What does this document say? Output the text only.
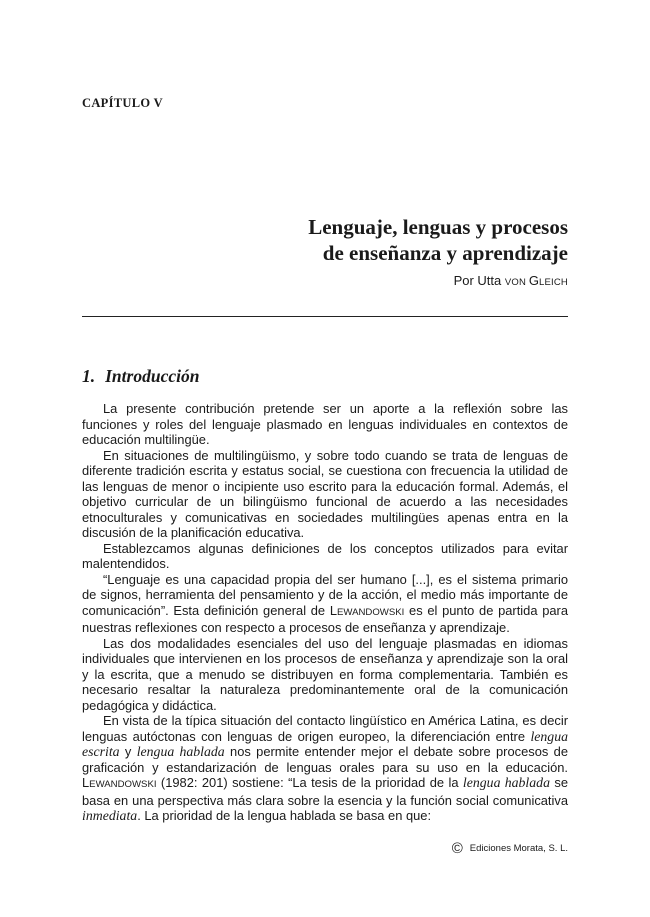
CAPÍTULO V
Lenguaje, lenguas y procesos
de enseñanza y aprendizaje
Por Utta VON GLEICH
1. Introducción

La presente contribución pretende ser un aporte a la reflexión sobre las funciones y roles del lenguaje plasmado en lenguas individuales en contextos de educación multilingüe.

En situaciones de multilingüismo, y sobre todo cuando se trata de lenguas de diferente tradición escrita y estatus social, se cuestiona con frecuencia la utilidad de las lenguas de menor o incipiente uso escrito para la educación formal. Además, el objetivo curricular de un bilingüismo funcional de acuerdo a las necesidades etnoculturales y comunicativas en sociedades multilingües apenas entra en la discusión de la planificación educativa.

Establezcamos algunas definiciones de los conceptos utilizados para evitar malentendidos.

“Lenguaje es una capacidad propia del ser humano [...], es el sistema primario de signos, herramienta del pensamiento y de la acción, el medio más importante de comunicación”. Esta definición general de LEWANDOWSKI es el punto de partida para nuestras reflexiones con respecto a procesos de enseñanza y aprendizaje.

Las dos modalidades esenciales del uso del lenguaje plasmadas en idiomas individuales que intervienen en los procesos de enseñanza y aprendizaje son la oral y la escrita, que a menudo se distribuyen en forma complementaria. También es necesario resaltar la naturaleza predominantemente oral de la comunicación pedagógica y didáctica.

En vista de la típica situación del contacto lingüístico en América Latina, es decir lenguas autóctonas con lenguas de origen europeo, la diferenciación entre lengua escrita y lengua hablada nos permite entender mejor el debate sobre procesos de graficación y estandarización de lenguas orales para su uso en la educación. LEWANDOWSKI (1982: 201) sostiene: “La tesis de la prioridad de la lengua hablada se basa en una perspectiva más clara sobre la esencia y la función social comunicativa inmediata. La prioridad de la lengua hablada se basa en que:

© Ediciones Morata, S. L.
